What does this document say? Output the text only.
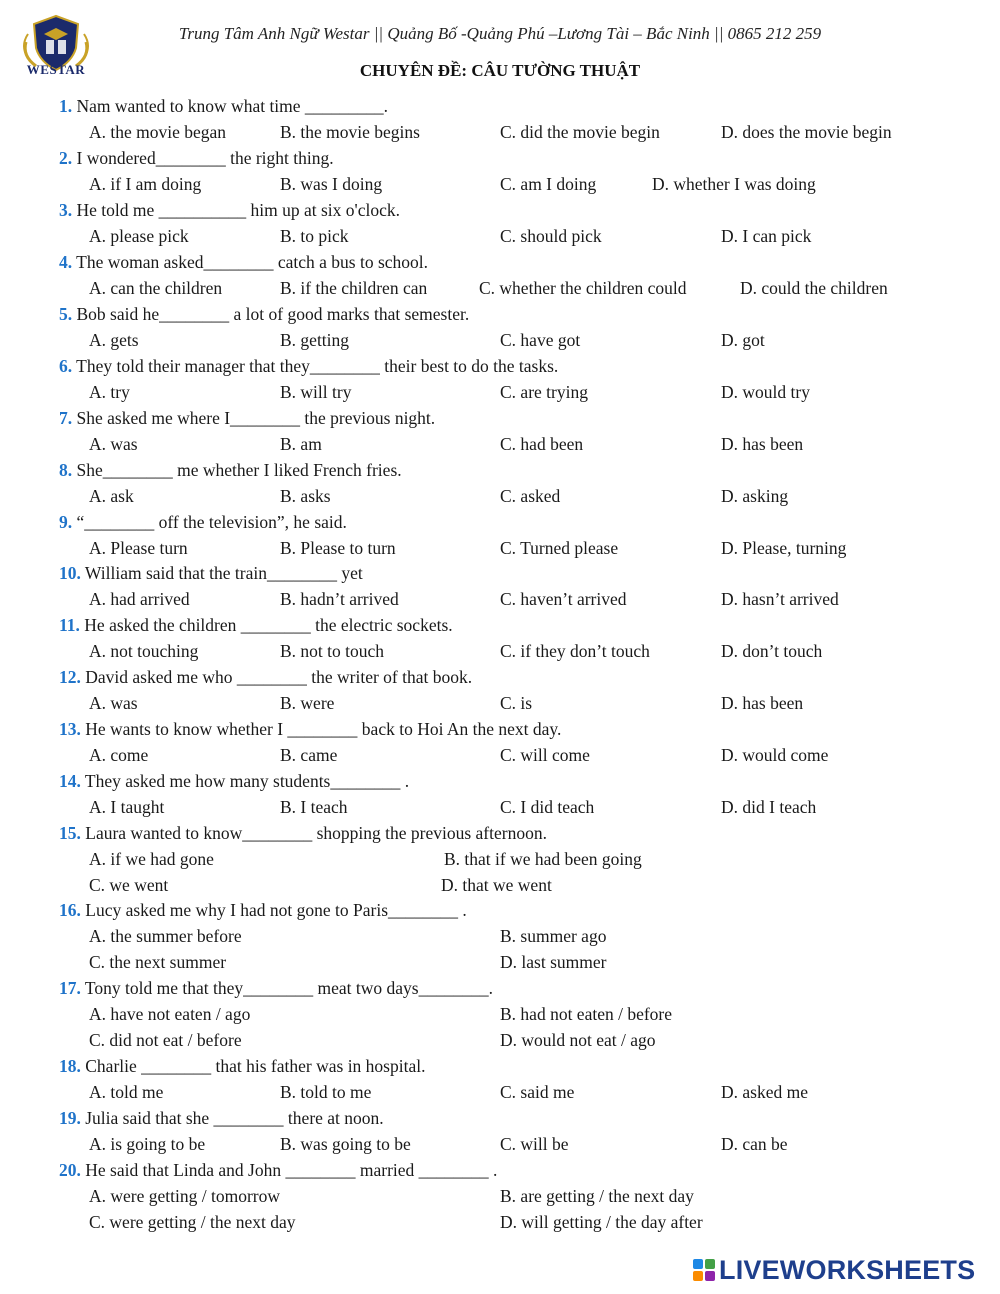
WESTAR
Trung Tâm Anh Ngữ Westar || Quảng Bố -Quảng Phú –Lương Tài – Bắc Ninh || 0865 212 259
CHUYÊN ĐỀ: CÂU TƯỜNG THUẬT
1. Nam wanted to know what time _________.
A. the movie began	B. the movie begins	C. did the movie begin	D. does the movie begin
2. I wondered________ the right thing.
A. if I am doing	B. was I doing	C. am I doing	D. whether I was doing
3. He told me __________ him up at six o'clock.
A. please pick	B. to pick	C. should pick	D. I can pick
4. The woman asked________ catch a bus to school.
A. can the children	B. if the children can	C. whether the children could	D. could the children
5. Bob said he________ a lot of good marks that semester.
A. gets	B. getting	C. have got	D. got
6. They told their manager that they________ their best to do the tasks.
A. try	B. will try	C. are trying	D. would try
7. She asked me where I________ the previous night.
A. was	B. am	C. had been	D. has been
8. She________ me whether I liked French fries.
A. ask	B. asks	C. asked	D. asking
9. “________ off the television”, he said.
A. Please turn	B. Please to turn	C. Turned please	D. Please, turning
10. William said that the train________ yet
A. had arrived	B. hadn’t arrived	C. haven’t arrived	D. hasn’t arrived
11. He asked the children ________ the electric sockets.
A. not touching	B. not to touch	C. if they don’t touch	D. don’t touch
12. David asked me who ________ the writer of that book.
A. was	B. were	C. is	D. has been
13. He wants to know whether I ________ back to Hoi An the next day.
A. come	B. came	C. will come	D. would come
14. They asked me how many students________ .
A. I taught	B. I teach	C. I did teach	D. did I teach
15. Laura wanted to know________ shopping the previous afternoon.
A. if we had gone	B. that if we had been going
C. we went	D. that we went
16. Lucy asked me why I had not gone to Paris________ .
A. the summer before	B. summer ago
C. the next summer	D. last summer
17. Tony told me that they________ meat two days________.
A. have not eaten / ago	B. had not eaten / before
C. did not eat / before	D. would not eat / ago
18. Charlie ________ that his father was in hospital.
A. told me	B. told to me	C. said me	D. asked me
19. Julia said that she ________ there at noon.
A. is going to be	B. was going to be	C. will be	D. can be
20. He said that Linda and John ________ married ________ .
A. were getting / tomorrow	B. are getting / the next day
C. were getting / the next day	D. will getting / the day after
LIVEWORKSHEETS
